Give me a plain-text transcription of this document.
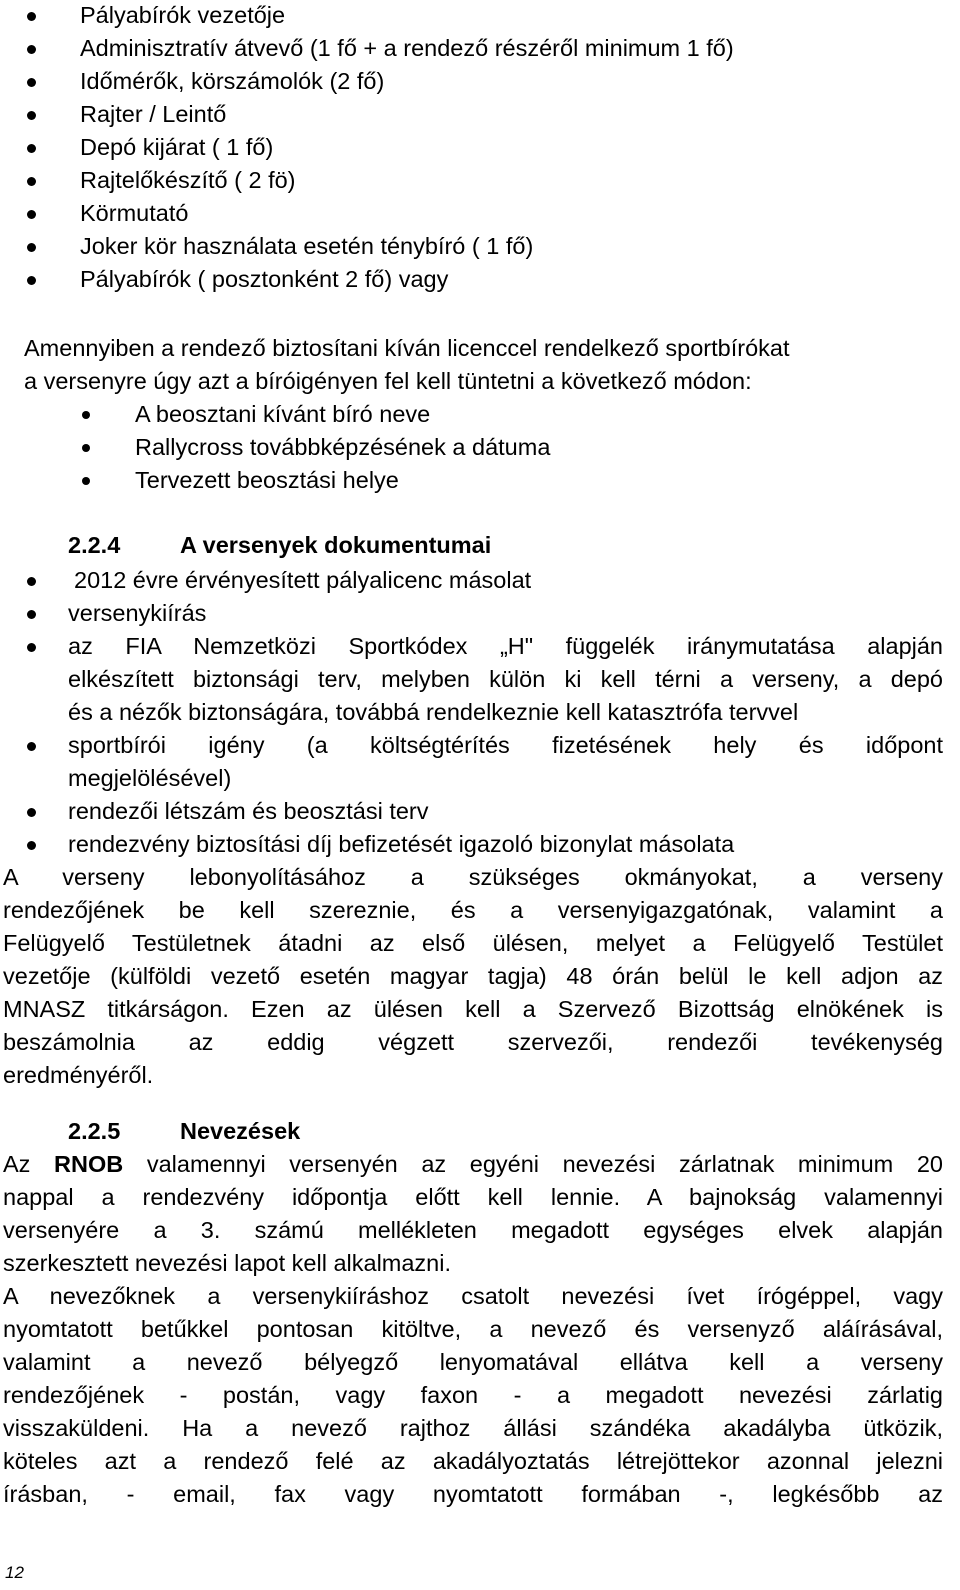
Pályabírók vezetője
Adminisztratív átvevő (1 fő + a rendező részéről minimum 1 fő)
Időmérők, körszámolók (2 fő)
Rajter / Leintő
Depó kijárat ( 1 fő)
Rajtelőkészítő ( 2 fö)
Körmutató
Joker kör használata esetén ténybíró ( 1 fő)
Pályabírók ( posztonként 2 fő) vagy
Amennyiben a rendező biztosítani kíván licenccel rendelkező sportbírókat
a versenyre úgy azt a bíróigényen fel kell tüntetni a következő módon:
A beosztani kívánt bíró neve
Rallycross továbbképzésének a dátuma
Tervezett beosztási helye
2.2.4	A versenyek dokumentumai
2012 évre érvényesített pályalicenc másolat
versenykiírás
az FIA Nemzetközi Sportkódex „H" függelék iránymutatása alapján
elkészített biztonsági terv, melyben külön ki kell térni a verseny, a depó
és a nézők biztonságára, továbbá rendelkeznie kell katasztrófa tervvel
sportbírói igény (a költségtérítés fizetésének hely és időpont
megjelölésével)
rendezői létszám és beosztási terv
rendezvény biztosítási díj befizetését igazoló bizonylat másolata
A verseny lebonyolításához a szükséges okmányokat, a verseny
rendezőjének be kell szereznie, és a versenyigazgatónak, valamint a
Felügyelő Testületnek átadni az első ülésen, melyet a Felügyelő Testület
vezetője (külföldi vezető esetén magyar tagja) 48 órán belül le kell adjon az
MNASZ titkárságon. Ezen az ülésen kell a Szervező Bizottság elnökének is
beszámolnia az eddig végzett szervezői, rendezői tevékenység
eredményéről.
2.2.5	Nevezések
Az RNOB valamennyi versenyén az egyéni nevezési zárlatnak minimum 20
nappal a rendezvény időpontja előtt kell lennie. A bajnokság valamennyi
versenyére a 3. számú mellékleten megadott egységes elvek alapján
szerkesztett nevezési lapot kell alkalmazni.
A nevezőknek a versenykiíráshoz csatolt nevezési ívet írógéppel, vagy
nyomtatott betűkkel pontosan kitöltve, a nevező és versenyző aláírásával,
valamint a nevező bélyegző lenyomatával ellátva kell a verseny
rendezőjének - postán, vagy faxon - a megadott nevezési zárlatig
visszaküldeni. Ha a nevező rajthoz állási szándéka akadályba ütközik,
köteles azt a rendező felé az akadályoztatás létrejöttekor azonnal jelezni
írásban, - email, fax vagy nyomtatott formában -, legkésőbb az
12
